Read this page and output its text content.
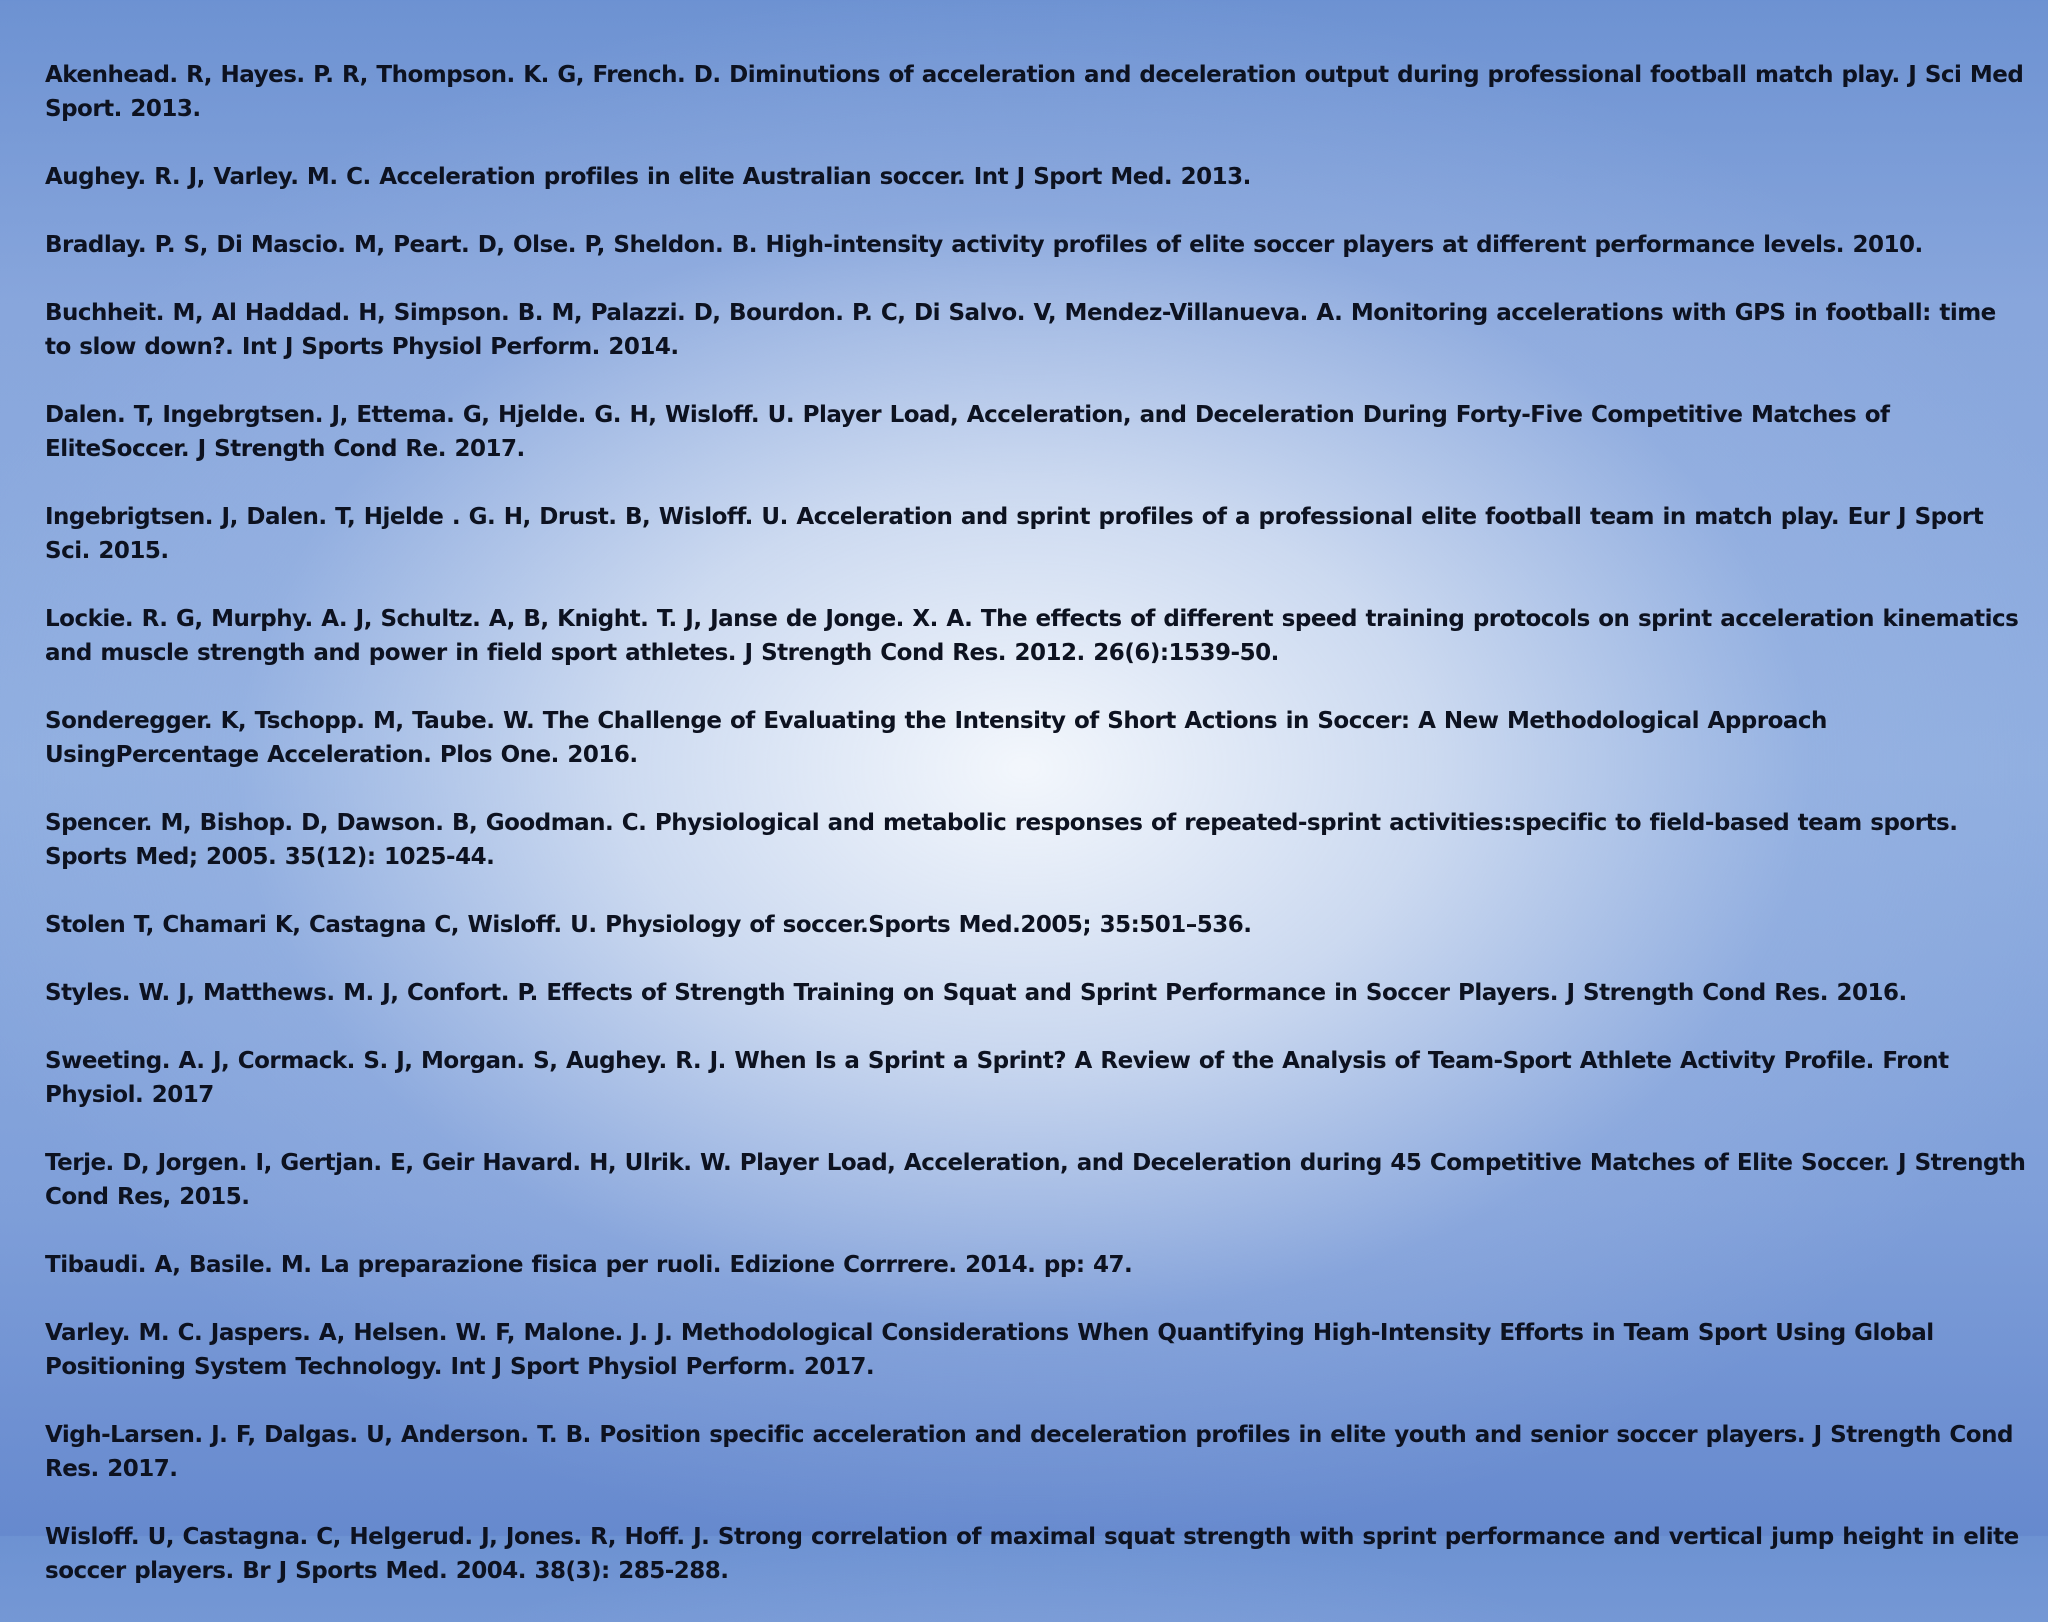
Akenhead. R, Hayes. P. R, Thompson. K. G, French. D. Diminutions of acceleration and deceleration output during professional football match play. J Sci Med Sport. 2013.
Aughey. R. J, Varley. M. C. Acceleration profiles in elite Australian soccer. Int J Sport Med. 2013.
Bradlay. P. S, Di Mascio. M, Peart. D, Olse. P, Sheldon. B. High-intensity activity profiles of elite soccer players at different performance levels. 2010.
Buchheit. M, Al Haddad. H, Simpson. B. M, Palazzi. D, Bourdon. P. C, Di Salvo. V, Mendez-Villanueva. A. Monitoring accelerations with GPS in football: time to slow down?. Int J Sports Physiol Perform. 2014.
Dalen. T, Ingebrgtsen. J, Ettema. G, Hjelde. G. H, Wisloff. U. Player Load, Acceleration, and Deceleration During Forty-Five Competitive Matches of EliteSoccer. J Strength Cond Re. 2017.
Ingebrigtsen. J, Dalen. T, Hjelde . G. H, Drust. B, Wisloff. U. Acceleration and sprint profiles of a professional elite football team in match play. Eur J Sport Sci. 2015.
Lockie. R. G, Murphy. A. J, Schultz. A, B, Knight. T. J, Janse de Jonge. X. A. The effects of different speed training protocols on sprint acceleration kinematics and muscle strength and power in field sport athletes. J Strength Cond Res. 2012. 26(6):1539-50.
Sonderegger. K, Tschopp. M, Taube. W. The Challenge of Evaluating the Intensity of Short Actions in Soccer: A New Methodological Approach UsingPercentage Acceleration. Plos One. 2016.
Spencer. M, Bishop. D, Dawson. B, Goodman. C. Physiological and metabolic responses of repeated-sprint activities:specific to field-based team sports. Sports Med; 2005. 35(12): 1025-44.
Stolen T, Chamari K, Castagna C, Wisloff. U. Physiology of soccer.Sports Med.2005; 35:501–536.
Styles. W. J, Matthews. M. J, Confort. P. Effects of Strength Training on Squat and Sprint Performance in Soccer Players. J Strength Cond Res. 2016.
Sweeting. A. J, Cormack. S. J, Morgan. S, Aughey. R. J. When Is a Sprint a Sprint? A Review of the Analysis of Team-Sport Athlete Activity Profile. Front Physiol. 2017
Terje. D, Jorgen. I, Gertjan. E, Geir Havard. H, Ulrik. W. Player Load, Acceleration, and Deceleration during 45 Competitive Matches of Elite Soccer. J Strength Cond Res, 2015.
Tibaudi. A, Basile. M. La preparazione fisica per ruoli. Edizione Corrrere. 2014. pp: 47.
Varley. M. C. Jaspers. A, Helsen. W. F, Malone. J. J. Methodological Considerations When Quantifying High-Intensity Efforts in Team Sport Using Global Positioning System Technology. Int J Sport Physiol Perform. 2017.
Vigh-Larsen. J. F, Dalgas. U, Anderson. T. B. Position specific acceleration and deceleration profiles in elite youth and senior soccer players. J Strength Cond Res. 2017.
Wisloff. U, Castagna. C, Helgerud. J, Jones. R, Hoff. J. Strong correlation of maximal squat strength with sprint performance and vertical jump height in elite soccer players. Br J Sports Med. 2004. 38(3): 285-288.
